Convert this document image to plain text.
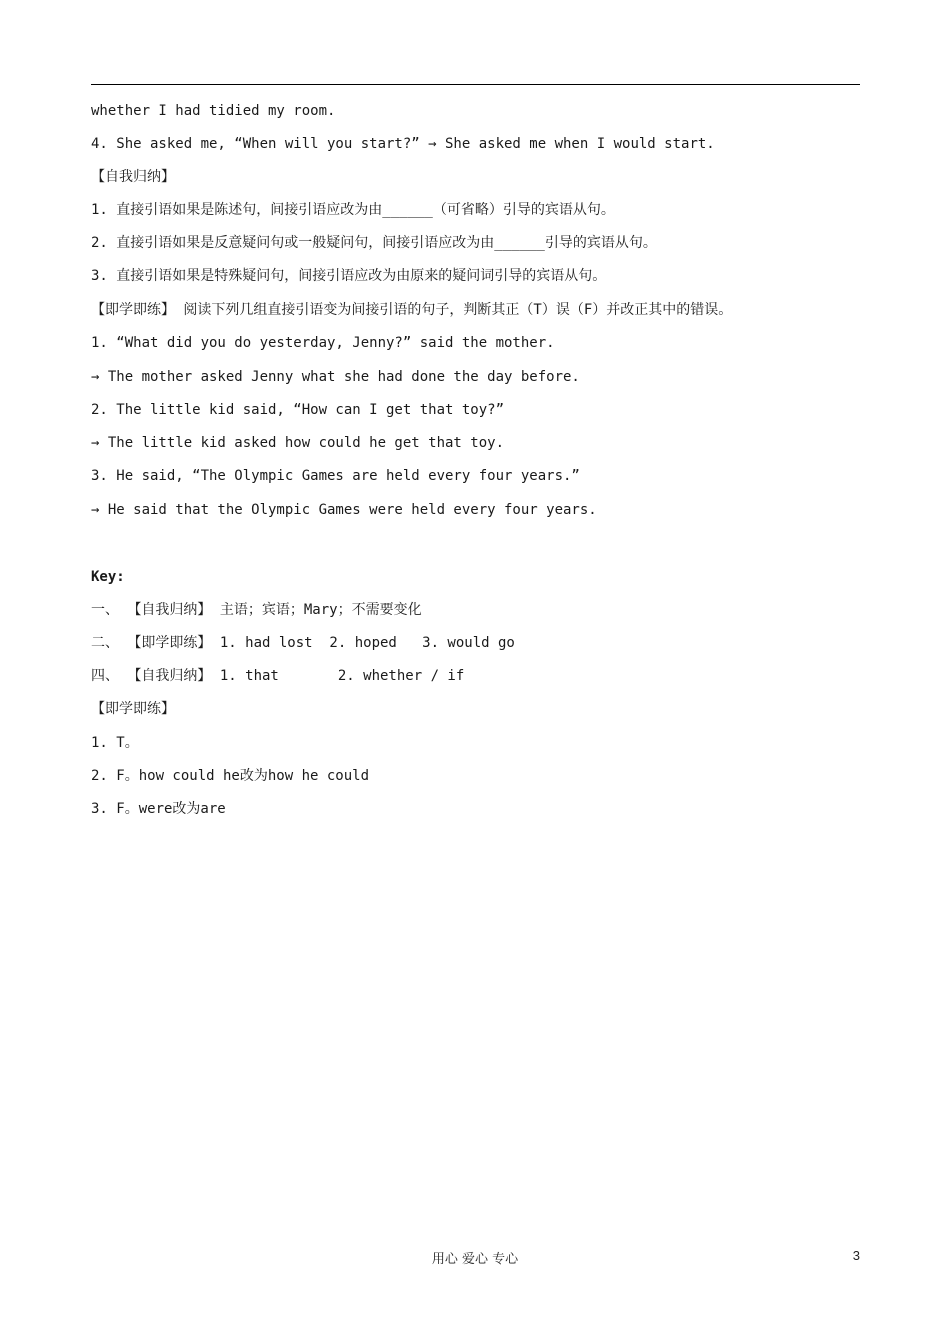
whether I had tidied my room.
4. She asked me, “When will you start?” → She asked me when I would start.
【自我归纳】
1. 直接引语如果是陈述句，间接引语应改为由______（可省略）引导的宾语从句。
2. 直接引语如果是反意疑问句或一般疑问句，间接引语应改为由______引导的宾语从句。
3. 直接引语如果是特殊疑问句，间接引语应改为由原来的疑问词引导的宾语从句。
【即学即练】 阅读下列几组直接引语变为间接引语的句子，判断其正（T）误（F）并改正其中的错误。
1. “What did you do yesterday, Jenny?” said the mother.
→ The mother asked Jenny what she had done the day before.
2. The little kid said, “How can I get that toy?”
→ The little kid asked how could he get that toy.
3. He said, “The Olympic Games are held every four years.”
→ He said that the Olympic Games were held every four years.
Key:
一、 【自我归纳】 主语；宾语；Mary；不需要变化
二、 【即学即练】 1. had lost  2. hoped   3. would go
四、 【自我归纳】 1. that       2. whether / if
【即学即练】
1. T。
2. F。how could he改为how he could
3. F。were改为are
用心 爱心 专心	3
